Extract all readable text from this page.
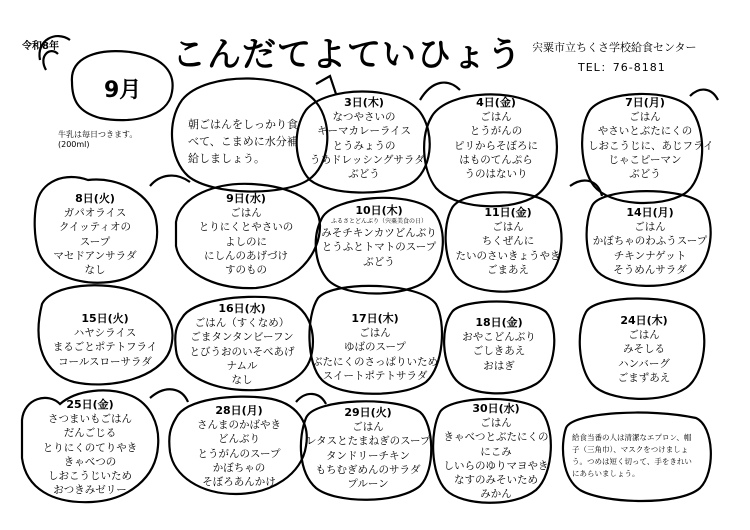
令和8年
9月
こんだてよていひょう 宍粟市立ちくさ学校給食センター
TEL：76-8181
牛乳は毎日つきます。(200ml)
朝ごはんをしっかり食べて、こまめに水分補給しましょう。
給食当番の人は清潔なエプロン、帽子（三角巾）、マスクをつけましょう。つめは短く切って、手をきれいにあらいましょう。
3日(木)
なつやさいの
キーマカレーライス
とうみょうの
うめドレッシングサラダ
ぶどう
4日(金)
ごはん
とうがんの
ピリからそぼろに
はものてんぷら
うのはないり
7日(月)
ごはん
やさいとぶたにくの
しおこうじに、あじフライ
じゃこピーマン
ぶどう
8日(火)
ガパオライス
クイッティオの
スープ
マセドアンサラダ
なし
9日(水)
ごはん
とりにくとやさいの
よしのに
にしんのあげづけ
すのもの
10日(木)
ふるさとどんぶり（宍粟美食の日）
みそチキンカツどんぶり
とうふとトマトのスープ
ぶどう
11日(金)
ごはん
ちくぜんに
たいのさいきょうやき
ごまあえ
14日(月)
ごはん
かぼちゃのわふうスープ
チキンナゲット
そうめんサラダ
15日(火)
ハヤシライス
まるごとポテトフライ
コールスローサラダ
16日(水)
ごはん（すくなめ）
ごまタンタンビーフン
とびうおのいそべあげ
ナムル
なし
17日(木)
ごはん
ゆばのスープ
ぶたにくのさっぱりいため
スイートポテトサラダ
18日(金)
おやこどんぶり
ごしきあえ
おはぎ
24日(木)
ごはん
みそしる
ハンバーグ
ごまずあえ
25日(金)
さつまいもごはん
だんごじる
とりにくのてりやき
きゃべつの
しおこうじいため
おつきみゼリー
28日(月)
さんまのかばやき
どんぶり
とうがんのスープ
かぼちゃの
そぼろあんかけ
29日(火)
ごはん
レタスとたまねぎのスープ
タンドリーチキン
もちむぎめんのサラダ
プルーン
30日(水)
ごはん
きゃべつとぶたにくの
にこみ
しいらのゆりマヨやき
なすのみそいため
みかん
